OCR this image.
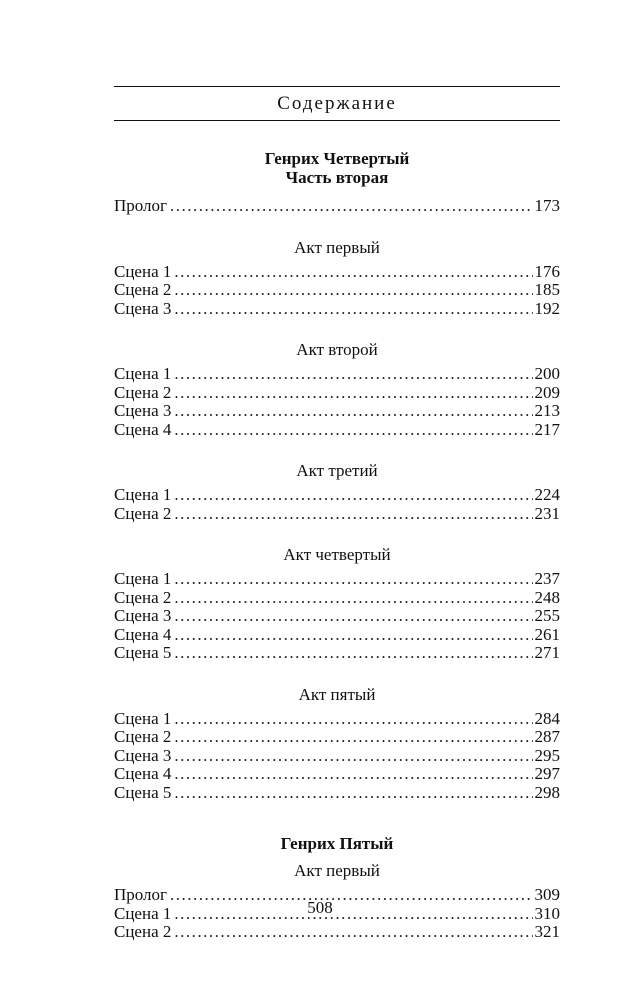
Содержание
Генрих Четвертый
Часть вторая
Пролог .....	173
Акт первый
Сцена 1 .....	176
Сцена 2 .....	185
Сцена 3 .....	192
Акт второй
Сцена 1 .....	200
Сцена 2 .....	209
Сцена 3 .....	213
Сцена 4 .....	217
Акт третий
Сцена 1 .....	224
Сцена 2 .....	231
Акт четвертый
Сцена 1 .....	237
Сцена 2 .....	248
Сцена 3 .....	255
Сцена 4 .....	261
Сцена 5 .....	271
Акт пятый
Сцена 1 .....	284
Сцена 2 .....	287
Сцена 3 .....	295
Сцена 4 .....	297
Сцена 5 .....	298
Генрих Пятый
Акт первый
Пролог .....	309
Сцена 1 .....	310
Сцена 2 .....	321
508
